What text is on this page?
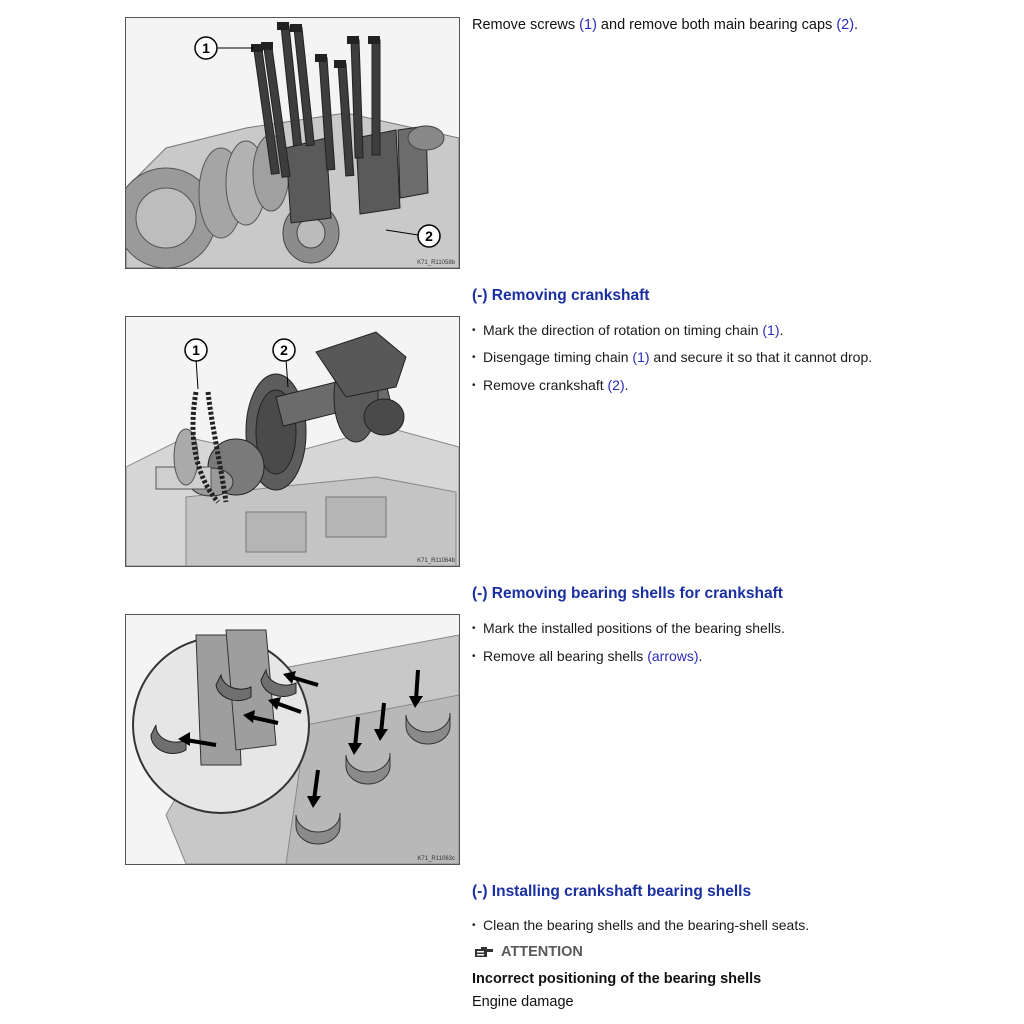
1
2
K71_R11058b
1	2
K71_R11064b
K71_R11063c
Remove screws (1) and remove both main bearing caps (2).
(-) Removing crankshaft
• Mark the direction of rotation on timing chain (1).
• Disengage timing chain (1) and secure it so that it cannot drop.
• Remove crankshaft (2).
(-) Removing bearing shells for crankshaft
• Mark the installed positions of the bearing shells.
• Remove all bearing shells (arrows).
(-) Installing crankshaft bearing shells
• Clean the bearing shells and the bearing-shell seats.
ATTENTION
Incorrect positioning of the bearing shells
Engine damage
